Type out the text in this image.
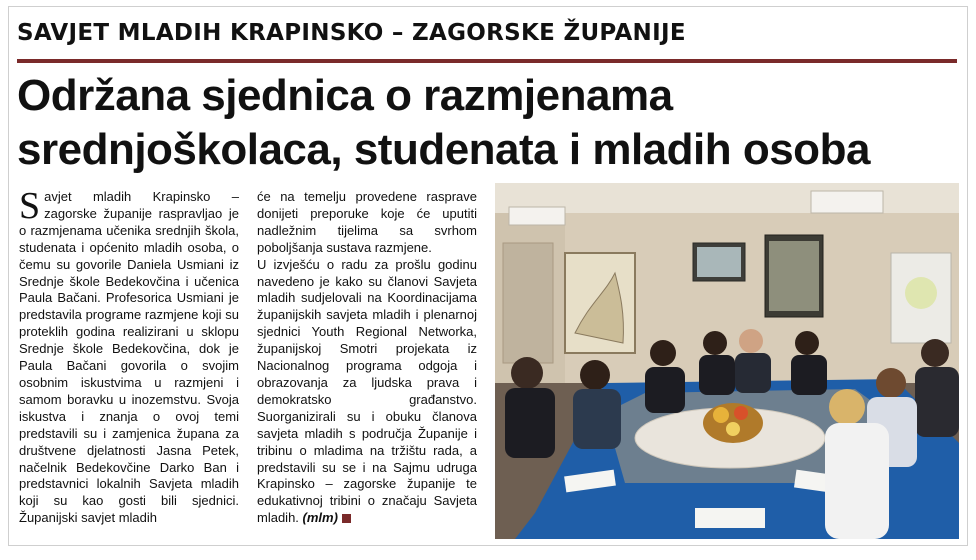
SAVJET MLADIH KRAPINSKO – ZAGORSKE ŽUPANIJE
Održana sjednica o razmjenama
srednjoškolaca, studenata i mladih osoba

Savjet mladih Krapinsko – zagorske županije raspravljao je o razmjenama učenika srednjih škola, studenata i općenito mladih osoba, o čemu su govorile Daniela Usmiani iz Srednje škole Bedekovčina i učenica Paula Bačani. Profesorica Usmiani je predstavila programe razmjene koji su proteklih godina realizirani u sklopu Srednje škole Bedekovčina, dok je Paula Bačani govorila o svojim osobnim iskustvima u razmjeni i samom boravku u inozemstvu. Svoja iskustva i znanja o ovoj temi predstavili su i zamjenica župana za društvene djelatnosti Jasna Petek, načelnik Bedekovčine Darko Ban i predstavnici lokalnih Savjeta mladih koji su kao gosti bili sjednici. Županijski savjet mladih

će na temelju provedene rasprave donijeti preporuke koje će uputiti nadležnim tijelima sa svrhom poboljšanja sustava razmjene.

U izvješću o radu za prošlu godinu navedeno je kako su članovi Savjeta mladih sudjelovali na Koordinacijama županijskih savjeta mladih i plenarnoj sjednici Youth Regional Networka, županijskoj Smotri projekata iz Nacionalnog programa odgoja i obrazovanja za ljudska prava i demokratsko građanstvo. Suorganizirali su i obuku članova savjeta mladih s područja Županije i tribinu o mladima na tržištu rada, a predstavili su se i na Sajmu udruga Krapinsko – zagorske županije te edukativnoj tribini o značaju Savjeta mladih. (mlm)
